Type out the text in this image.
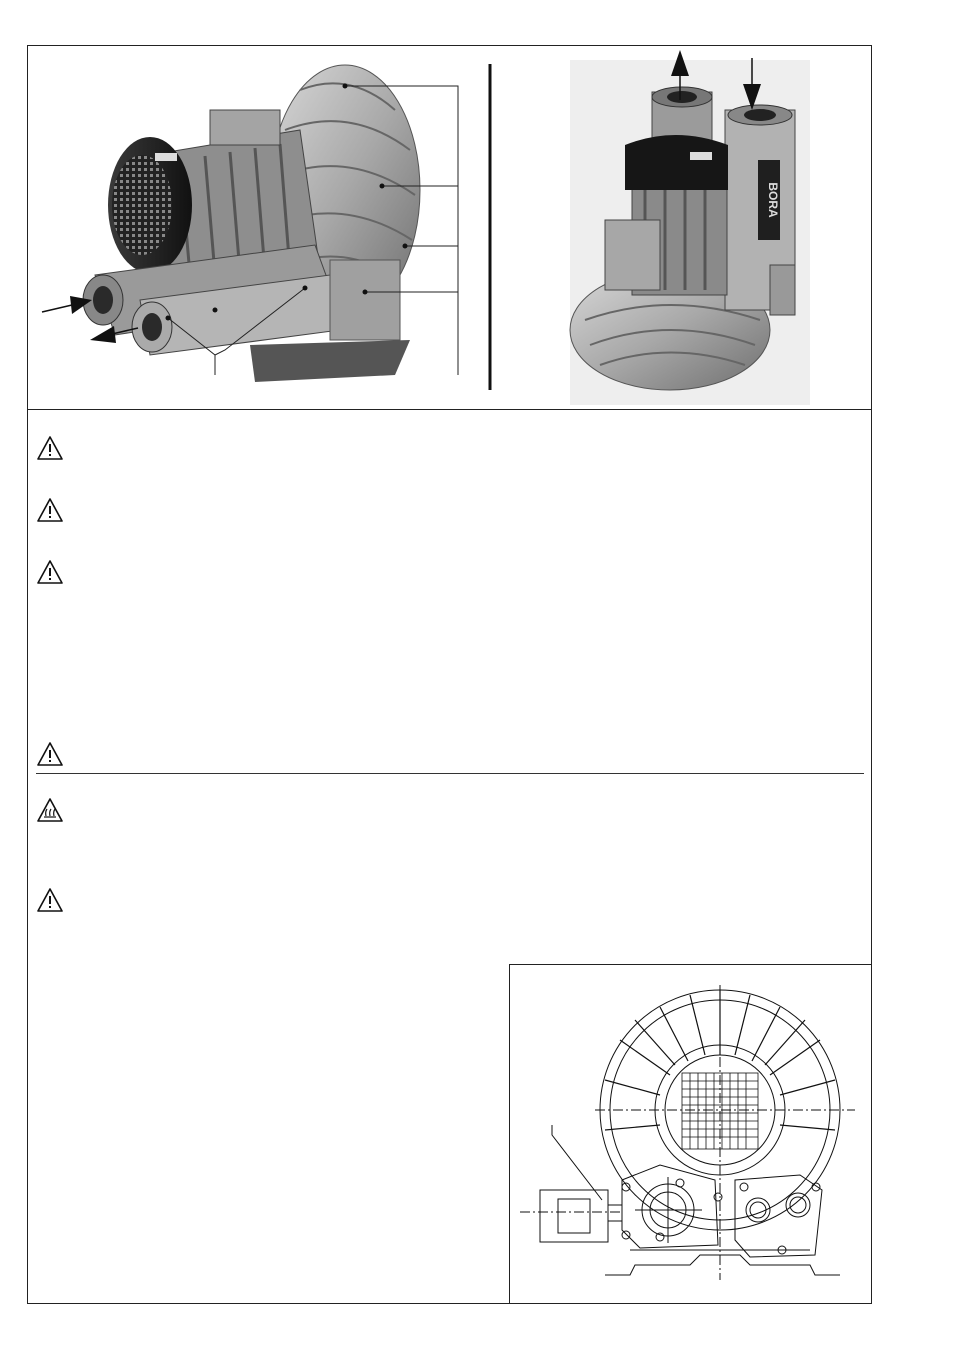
BORA
